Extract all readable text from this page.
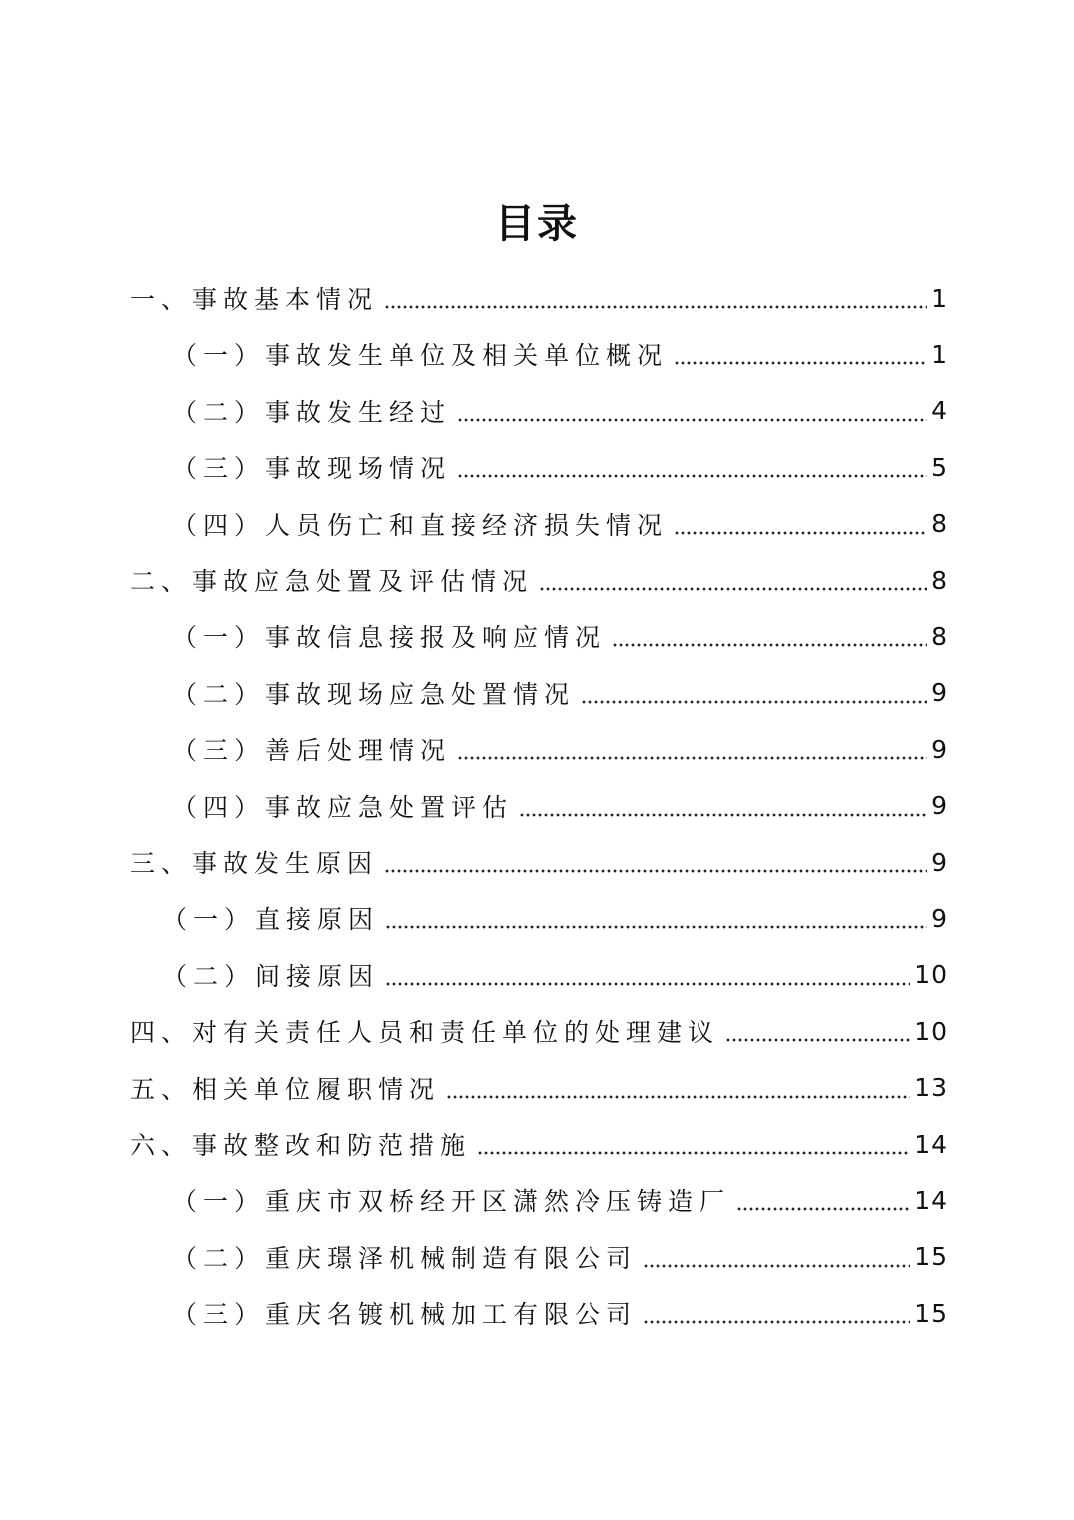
目录
一、事故基本情况	1
（一）事故发生单位及相关单位概况	1
（二）事故发生经过	4
（三）事故现场情况	5
（四）人员伤亡和直接经济损失情况	8
二、事故应急处置及评估情况	8
（一）事故信息接报及响应情况	8
（二）事故现场应急处置情况	9
（三）善后处理情况	9
（四）事故应急处置评估	9
三、事故发生原因	9
（一）直接原因	9
（二）间接原因	10
四、对有关责任人员和责任单位的处理建议	10
五、相关单位履职情况	13
六、事故整改和防范措施	14
（一）重庆市双桥经开区潇然冷压铸造厂	14
（二）重庆璟泽机械制造有限公司	15
（三）重庆名镀机械加工有限公司	15
